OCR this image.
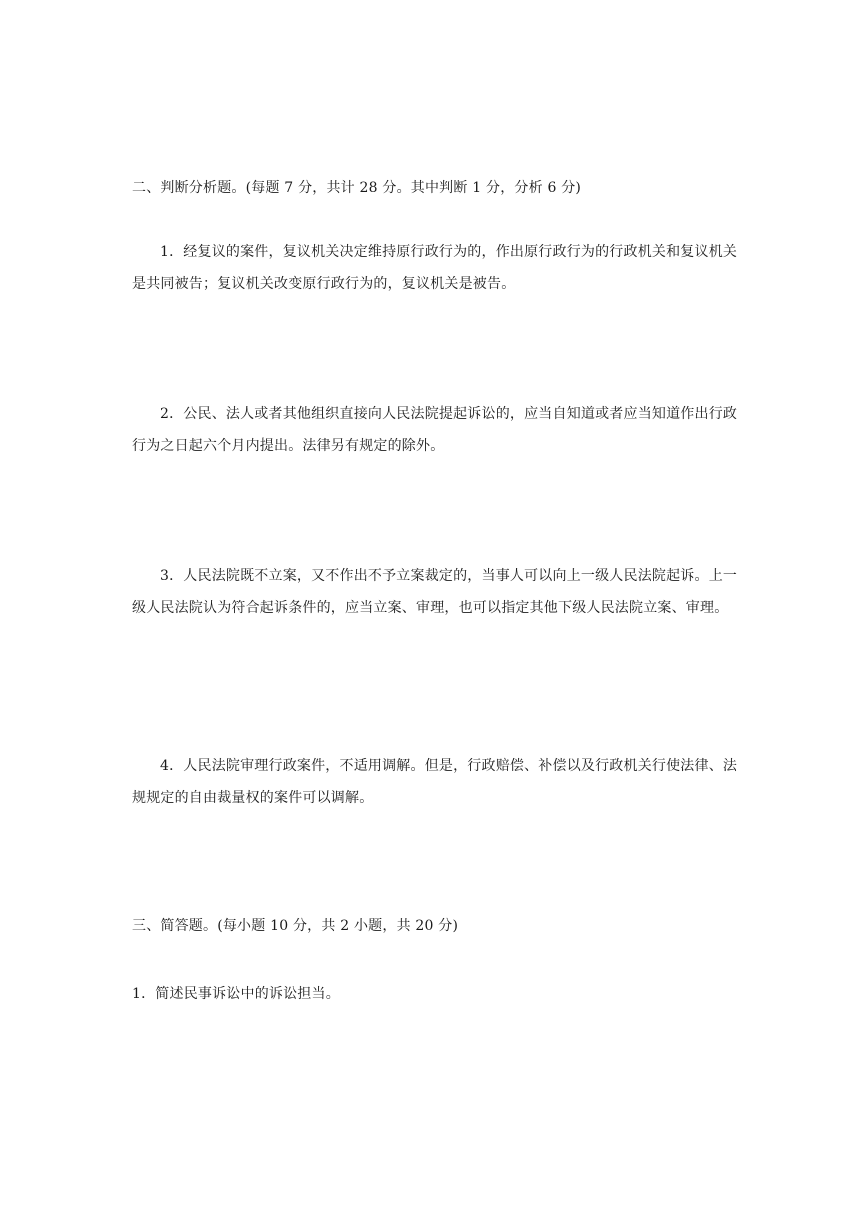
二、判断分析题。(每题 7 分，共计 28 分。其中判断 1 分，分析 6 分)
1．经复议的案件，复议机关决定维持原行政行为的，作出原行政行为的行政机关和复议机关是共同被告；复议机关改变原行政行为的，复议机关是被告。
2．公民、法人或者其他组织直接向人民法院提起诉讼的，应当自知道或者应当知道作出行政行为之日起六个月内提出。法律另有规定的除外。
3．人民法院既不立案，又不作出不予立案裁定的，当事人可以向上一级人民法院起诉。上一级人民法院认为符合起诉条件的，应当立案、审理，也可以指定其他下级人民法院立案、审理。
4．人民法院审理行政案件，不适用调解。但是，行政赔偿、补偿以及行政机关行使法律、法规规定的自由裁量权的案件可以调解。
三、简答题。(每小题 10 分，共 2 小题，共 20 分)
1．简述民事诉讼中的诉讼担当。
